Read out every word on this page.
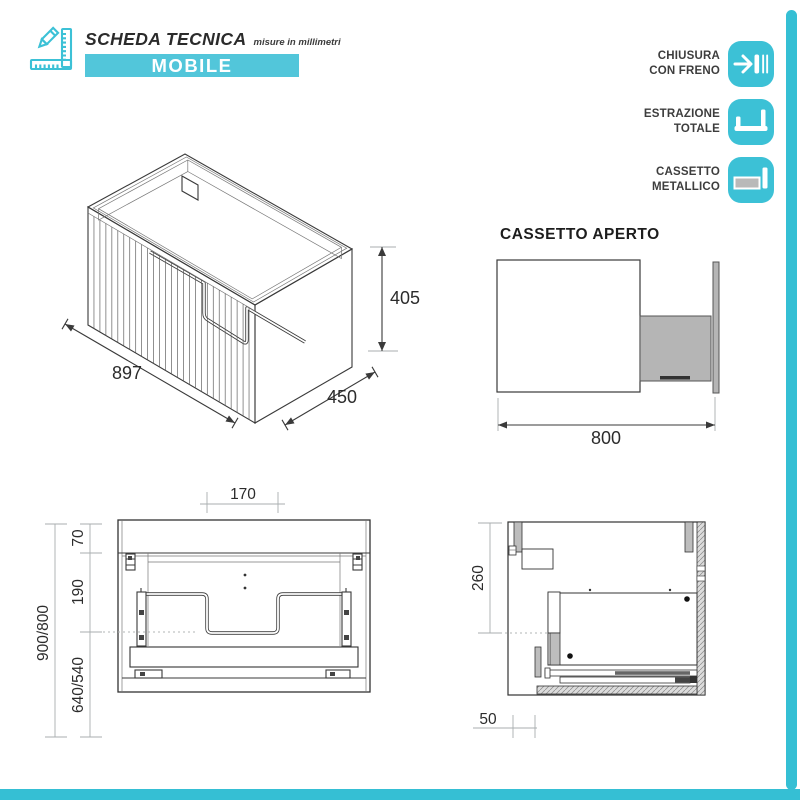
SCHEDA TECNICA misure in millimetri
MOBILE	CHIUSURA
CON FRENO
ESTRAZIONE
TOTALE
CASSETTO
METALLICO
897
450
405
CASSETTO APERTO
800
170
70
190
640/540
900/800
260
50
